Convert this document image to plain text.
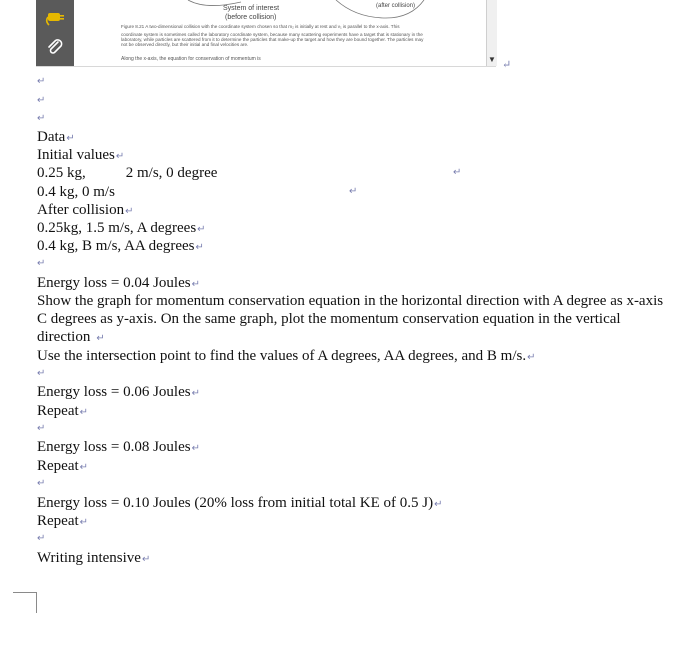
System of interest
(before collision)
(after collision)
Figure 8.21 A two-dimensional collision with the coordinate system chosen so that m₂ is initially at rest and v₁ is parallel to the x-axis. This
coordinate system is sometimes called the laboratory coordinate system, because many scattering experiments have a target that is stationary in the
laboratory, while particles are scattered from it to determine the particles that make-up the target and how they are bound together. The particles may
not be observed directly, but their initial and final velocities are.
Along the x-axis, the equation for conservation of momentum is	▼ ↵
↵
↵
↵
Data↵
Initial values↵
0.25 kg,	2 m/s, 0 degree	↵
0.4 kg, 0 m/s	↵
After collision↵
0.25kg, 1.5 m/s, A degrees↵
0.4 kg, B m/s, AA degrees↵
↵
Energy loss = 0.04 Joules↵
Show the graph for momentum conservation equation in the horizontal direction with A degree as x-axis
C degrees as y-axis. On the same graph, plot the momentum conservation equation in the vertical
direction ↵
Use the intersection point to find the values of A degrees, AA degrees, and B m/s.↵
↵
Energy loss = 0.06 Joules↵
Repeat↵
↵
Energy loss = 0.08 Joules↵
Repeat↵
↵
Energy loss = 0.10 Joules (20% loss from initial total KE of 0.5 J)↵
Repeat↵
↵
Writing intensive↵
